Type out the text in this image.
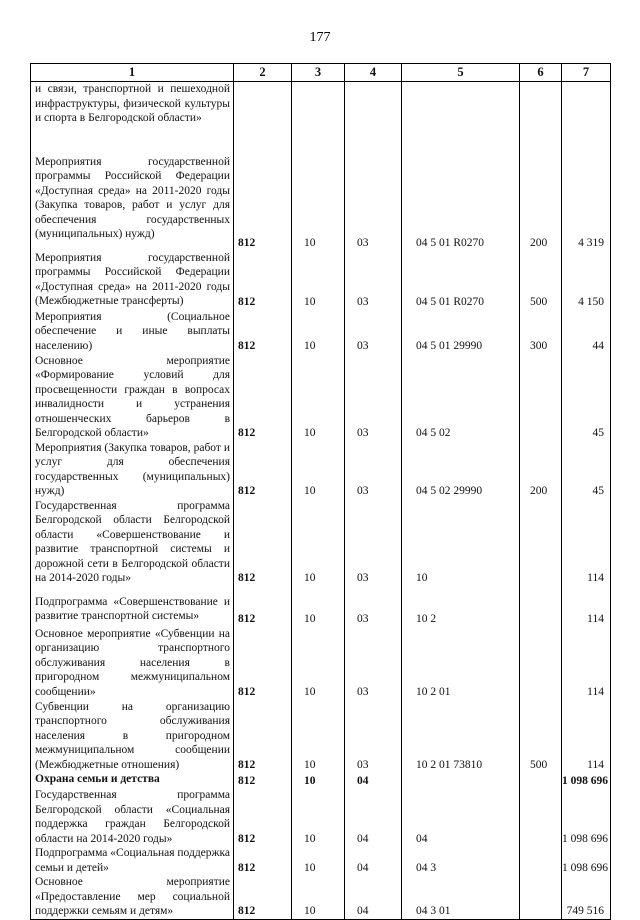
177
1	2	3	4	5	6	7
и связи, транспортной и пешеходной инфраструктуры, физической культуры и спорта в Белгородской области»						
Мероприятия государственной программы Российской Федерации «Доступная среда» на 2011-2020 годы (Закупка товаров, работ и услуг для обеспечения государственных (муниципальных) нужд)	812	10	03	04 5 01 R0270	200	4 319
Мероприятия государственной программы Российской Федерации «Доступная среда» на 2011-2020 годы (Межбюджетные трансферты)	812	10	03	04 5 01 R0270	500	4 150
Мероприятия (Социальное обеспечение и иные выплаты населению)	812	10	03	04 5 01 29990	300	44
Основное мероприятие «Формирование условий для просвещенности граждан в вопросах инвалидности и устранения отношенческих барьеров в Белгородской области»	812	10	03	04 5 02		45
Мероприятия (Закупка товаров, работ и услуг для обеспечения государственных (муниципальных) нужд)	812	10	03	04 5 02 29990	200	45
Государственная программа Белгородской области Белгородской области «Совершенствование и развитие транспортной системы и дорожной сети в Белгородской области на 2014-2020 годы»	812	10	03	10		114
Подпрограмма «Совершенствование и развитие транспортной системы»	812	10	03	10 2		114
Основное мероприятие «Субвенции на организацию транспортного обслуживания населения в пригородном межмуниципальном сообщении»	812	10	03	10 2 01		114
Субвенции на организацию транспортного обслуживания населения в пригородном межмуниципальном сообщении (Межбюджетные отношения)	812	10	03	10 2 01 73810	500	114
Охрана семьи и детства	812	10	04			1 098 696
Государственная программа Белгородской области «Социальная поддержка граждан Белгородской области на 2014-2020 годы»	812	10	04	04		1 098 696
Подпрограмма «Социальная поддержка семьи и детей»	812	10	04	04 3		1 098 696
Основное мероприятие «Предоставление мер социальной поддержки семьям и детям»	812	10	04	04 3 01		749 516
